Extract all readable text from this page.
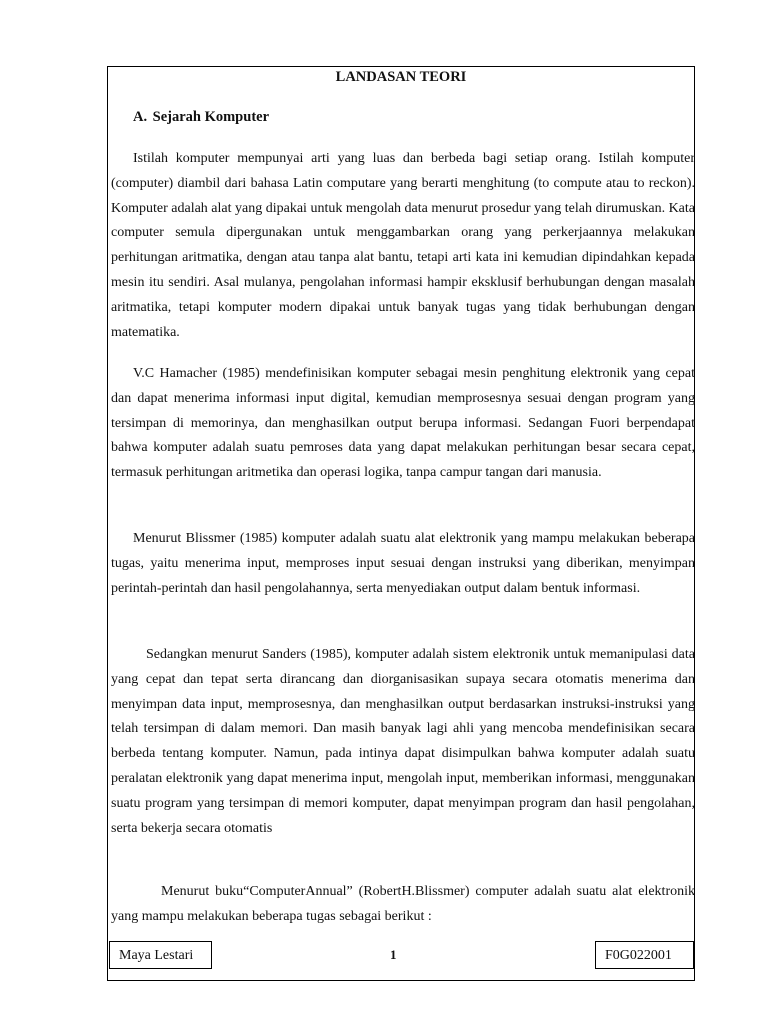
LANDASAN TEORI
A. Sejarah Komputer

Istilah komputer mempunyai arti yang luas dan berbeda bagi setiap orang. Istilah komputer (computer) diambil dari bahasa Latin computare yang berarti menghitung (to compute atau to reckon). Komputer adalah alat yang dipakai untuk mengolah data menurut prosedur yang telah dirumuskan. Kata computer semula dipergunakan untuk menggambarkan orang yang perkerjaannya melakukan perhitungan aritmatika, dengan atau tanpa alat bantu, tetapi arti kata ini kemudian dipindahkan kepada mesin itu sendiri. Asal mulanya, pengolahan informasi hampir eksklusif berhubungan dengan masalah aritmatika, tetapi komputer modern dipakai untuk banyak tugas yang tidak berhubungan dengan matematika.

V.C Hamacher (1985) mendefinisikan komputer sebagai mesin penghitung elektronik yang cepat dan dapat menerima informasi input digital, kemudian memprosesnya sesuai dengan program yang tersimpan di memorinya, dan menghasilkan output berupa informasi. Sedangan Fuori berpendapat bahwa komputer adalah suatu pemroses data yang dapat melakukan perhitungan besar secara cepat, termasuk perhitungan aritmetika dan operasi logika, tanpa campur tangan dari manusia.

Menurut Blissmer (1985) komputer adalah suatu alat elektronik yang mampu melakukan beberapa tugas, yaitu menerima input, memproses input sesuai dengan instruksi yang diberikan, menyimpan perintah-perintah dan hasil pengolahannya, serta menyediakan output dalam bentuk informasi.

Sedangkan menurut Sanders (1985), komputer adalah sistem elektronik untuk memanipulasi data yang cepat dan tepat serta dirancang dan diorganisasikan supaya secara otomatis menerima dan menyimpan data input, memprosesnya, dan menghasilkan output berdasarkan instruksi-instruksi yang telah tersimpan di dalam memori. Dan masih banyak lagi ahli yang mencoba mendefinisikan secara berbeda tentang komputer. Namun, pada intinya dapat disimpulkan bahwa komputer adalah suatu peralatan elektronik yang dapat menerima input, mengolah input, memberikan informasi, menggunakan suatu program yang tersimpan di memori komputer, dapat menyimpan program dan hasil pengolahan, serta bekerja secara otomatis

Menurut buku“ComputerAnnual” (RobertH.Blissmer) computer adalah suatu alat elektronik yang mampu melakukan beberapa tugas sebagai berikut :

Maya Lestari	1	F0G022001
